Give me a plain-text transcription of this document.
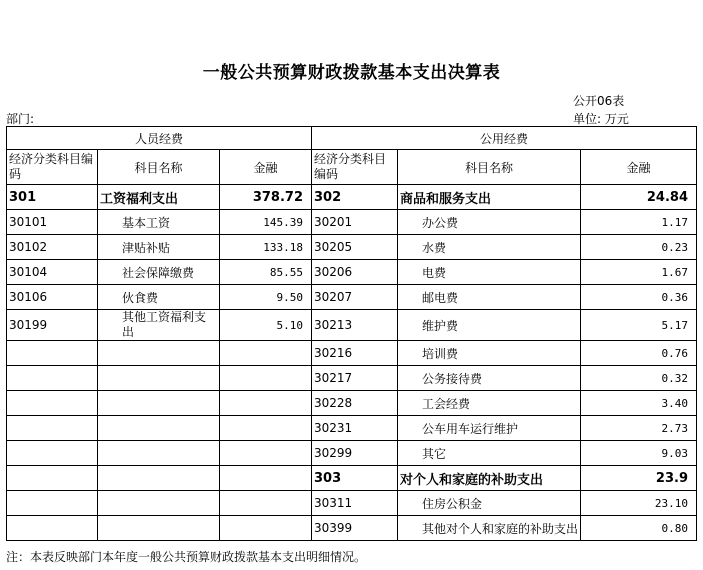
一般公共预算财政拨款基本支出决算表
公开06表
部门:	单位: 万元
人员经费			公用经费		
经济分类科目编码	科目名称	金融	经济分类科目编码	科目名称	金融
301	工资福利支出	378.72	302	商品和服务支出	24.84
30101	基本工资	145.39	30201	办公费	1.17
30102	津贴补贴	133.18	30205	水费	0.23
30104	社会保障缴费	85.55	30206	电费	1.67
30106	伙食费	9.50	30207	邮电费	0.36
30199	其他工资福利支出	5.10	30213	维护费	5.17
			30216	培训费	0.76
			30217	公务接待费	0.32
			30228	工会经费	3.40
			30231	公车用车运行维护	2.73
			30299	其它	9.03
			303	对个人和家庭的补助支出	23.9
			30311	住房公积金	23.10
			30399	其他对个人和家庭的补助支出	0.80
注：本表反映部门本年度一般公共预算财政拨款基本支出明细情况。
